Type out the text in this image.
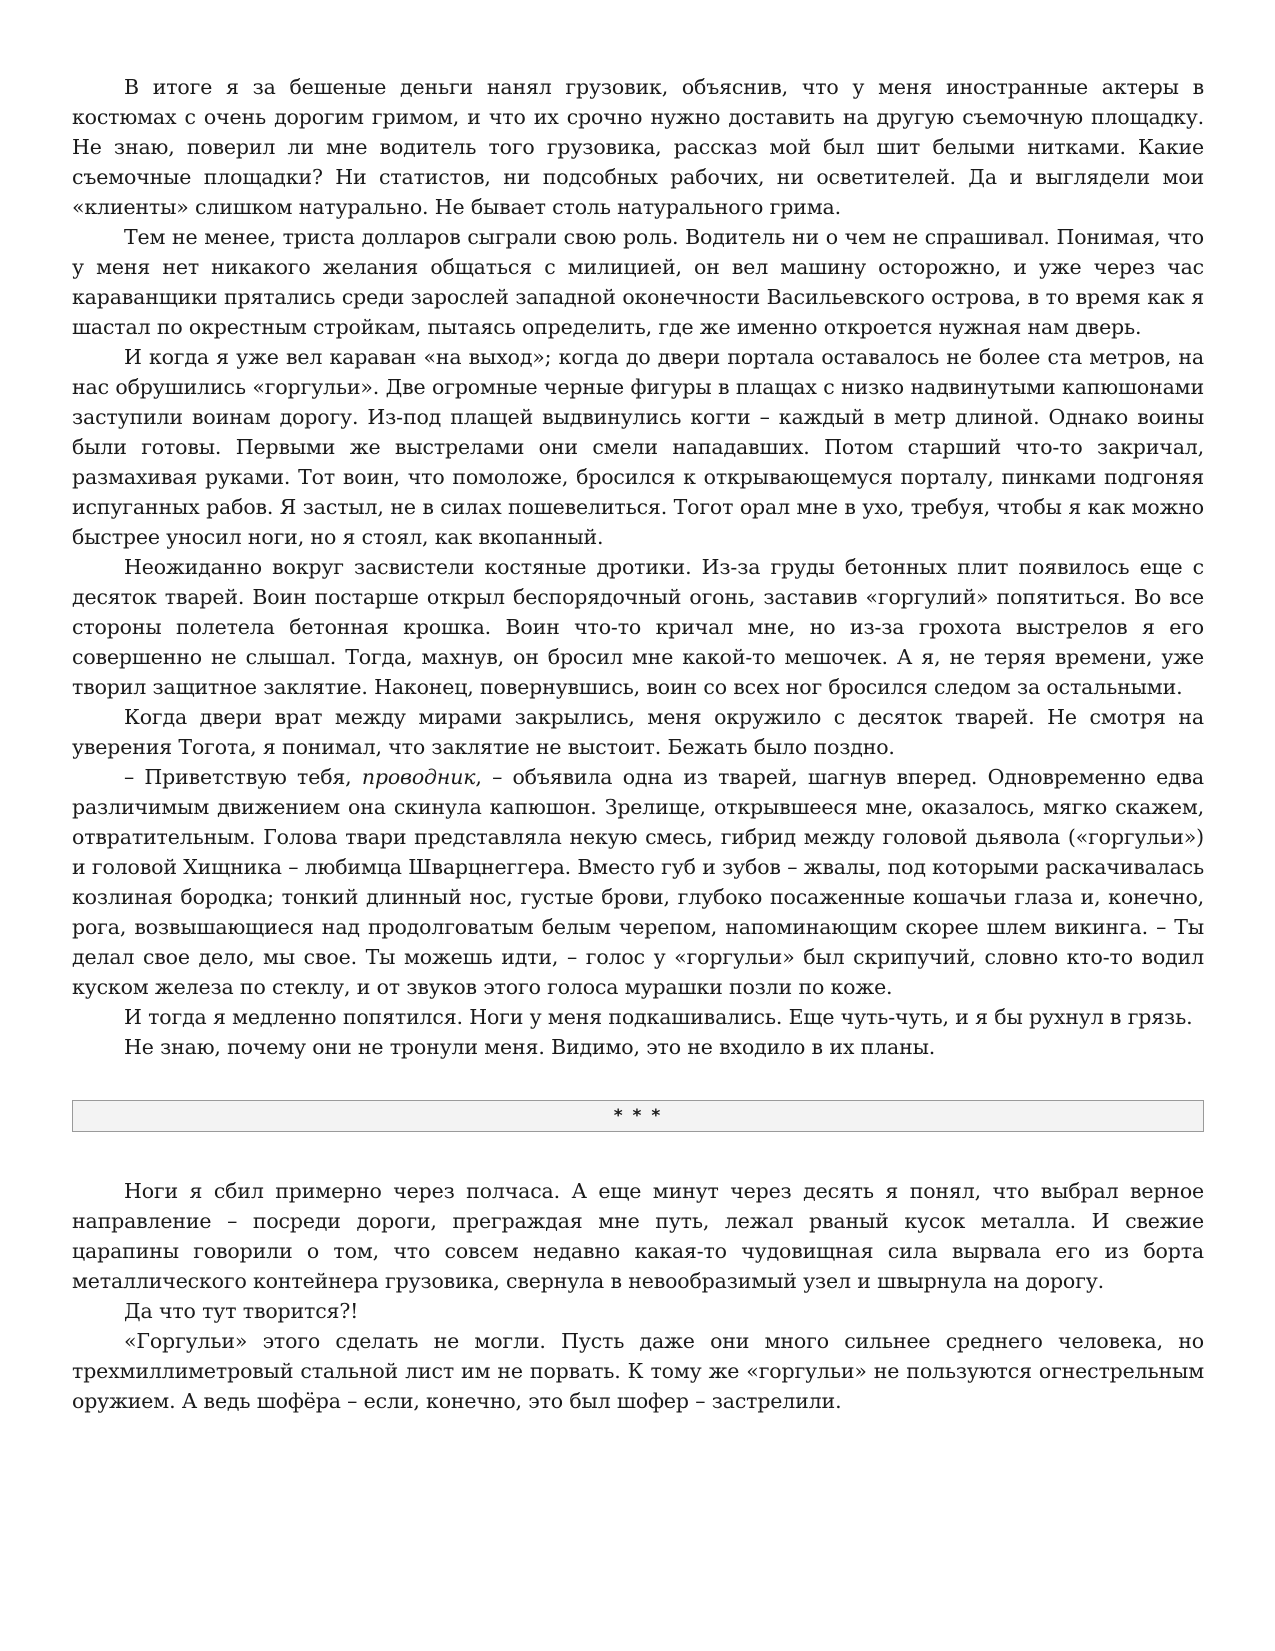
В итоге я за бешеные деньги нанял грузовик, объяснив, что у меня иностранные актеры в костюмах с очень дорогим гримом, и что их срочно нужно доставить на другую съемочную площадку. Не знаю, поверил ли мне водитель того грузовика, рассказ мой был шит белыми нитками. Какие съемочные площадки? Ни статистов, ни подсобных рабочих, ни осветителей. Да и выглядели мои «клиенты» слишком натурально. Не бывает столь натурального грима.

Тем не менее, триста долларов сыграли свою роль. Водитель ни о чем не спрашивал. Понимая, что у меня нет никакого желания общаться с милицией, он вел машину осторожно, и уже через час караванщики прятались среди зарослей западной оконечности Васильевского острова, в то время как я шастал по окрестным стройкам, пытаясь определить, где же именно откроется нужная нам дверь.

И когда я уже вел караван «на выход»; когда до двери портала оставалось не более ста метров, на нас обрушились «горгульи». Две огромные черные фигуры в плащах с низко надвинутыми капюшонами заступили воинам дорогу. Из-под плащей выдвинулись когти – каждый в метр длиной. Однако воины были готовы. Первыми же выстрелами они смели нападавших. Потом старший что-то закричал, размахивая руками. Тот воин, что помоложе, бросился к открывающемуся порталу, пинками подгоняя испуганных рабов. Я застыл, не в силах пошевелиться. Тогот орал мне в ухо, требуя, чтобы я как можно быстрее уносил ноги, но я стоял, как вкопанный.

Неожиданно вокруг засвистели костяные дротики. Из-за груды бетонных плит появилось еще с десяток тварей. Воин постарше открыл беспорядочный огонь, заставив «горгулий» попятиться. Во все стороны полетела бетонная крошка. Воин что-то кричал мне, но из-за грохота выстрелов я его совершенно не слышал. Тогда, махнув, он бросил мне какой-то мешочек. А я, не теряя времени, уже творил защитное заклятие. Наконец, повернувшись, воин со всех ног бросился следом за остальными.

Когда двери врат между мирами закрылись, меня окружило с десяток тварей. Не смотря на уверения Тогота, я понимал, что заклятие не выстоит. Бежать было поздно.

– Приветствую тебя, проводник, – объявила одна из тварей, шагнув вперед. Одновременно едва различимым движением она скинула капюшон. Зрелище, открывшееся мне, оказалось, мягко скажем, отвратительным. Голова твари представляла некую смесь, гибрид между головой дьявола («горгульи») и головой Хищника – любимца Шварцнеггера. Вместо губ и зубов – жвалы, под которыми раскачивалась козлиная бородка; тонкий длинный нос, густые брови, глубоко посаженные кошачьи глаза и, конечно, рога, возвышающиеся над продолговатым белым черепом, напоминающим скорее шлем викинга. – Ты делал свое дело, мы свое. Ты можешь идти, – голос у «горгульи» был скрипучий, словно кто-то водил куском железа по стеклу, и от звуков этого голоса мурашки позли по коже.

И тогда я медленно попятился. Ноги у меня подкашивались. Еще чуть-чуть, и я бы рухнул в грязь.

Не знаю, почему они не тронули меня. Видимо, это не входило в их планы.

* * *

Ноги я сбил примерно через полчаса. А еще минут через десять я понял, что выбрал верное направление – посреди дороги, преграждая мне путь, лежал рваный кусок металла. И свежие царапины говорили о том, что совсем недавно какая-то чудовищная сила вырвала его из борта металлического контейнера грузовика, свернула в невообразимый узел и швырнула на дорогу.

Да что тут творится?!

«Горгульи» этого сделать не могли. Пусть даже они много сильнее среднего человека, но трехмиллиметровый стальной лист им не порвать. К тому же «горгульи» не пользуются огнестрельным оружием. А ведь шофёра – если, конечно, это был шофер – застрелили.
